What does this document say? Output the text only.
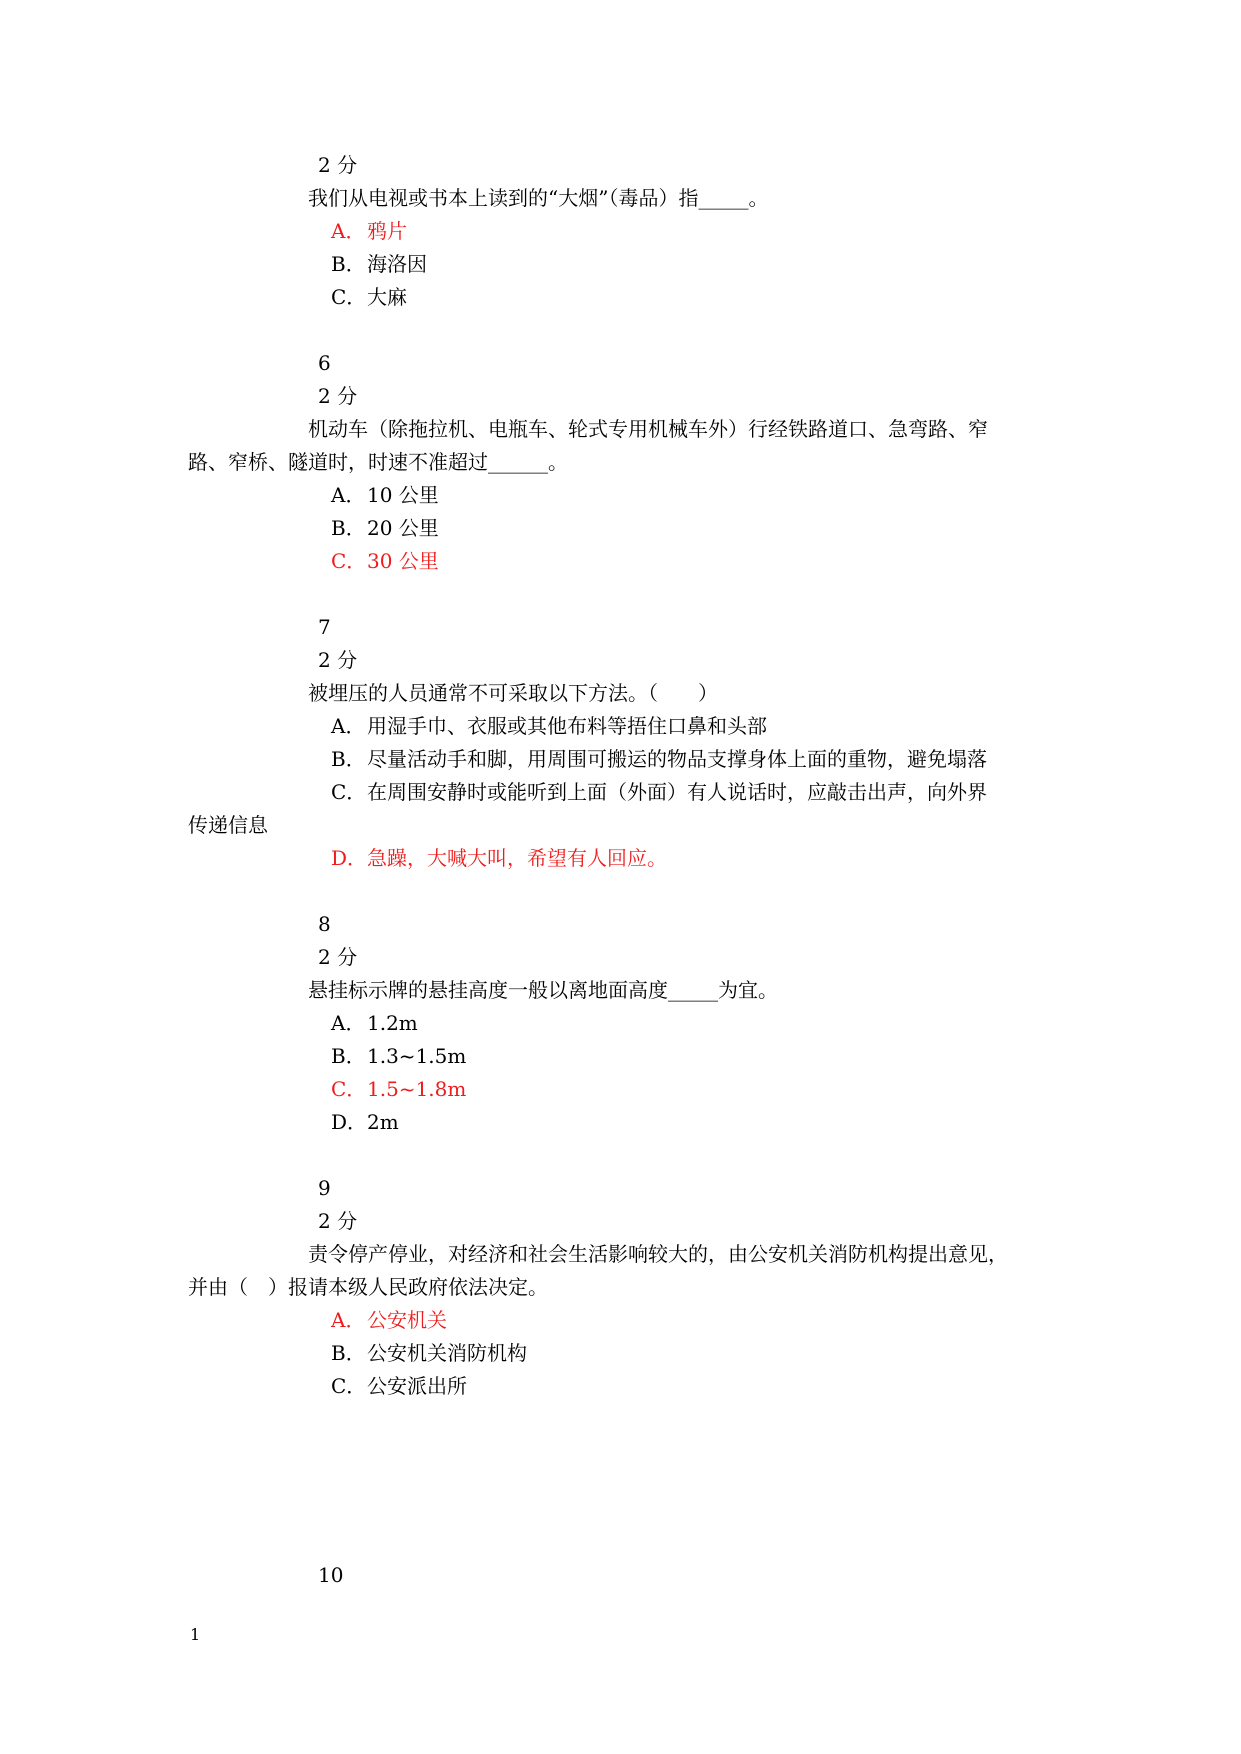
2 分
我们从电视或书本上读到的“大烟”（毒品）指_____。
A．鸦片
B．海洛因
C．大麻
6
2 分
机动车（除拖拉机、电瓶车、轮式专用机械车外）行经铁路道口、急弯路、窄
路、窄桥、隧道时，时速不准超过______。
A．10 公里
B．20 公里
C．30 公里
7
2 分
被埋压的人员通常不可采取以下方法。（　　）
A．用湿手巾、衣服或其他布料等捂住口鼻和头部
B．尽量活动手和脚，用周围可搬运的物品支撑身体上面的重物，避免塌落
C．在周围安静时或能听到上面（外面）有人说话时，应敲击出声，向外界
传递信息
D．急躁，大喊大叫，希望有人回应。
8
2 分
悬挂标示牌的悬挂高度一般以离地面高度_____为宜。
A．1.2m
B．1.3~1.5m
C．1.5~1.8m
D．2m
9
2 分
责令停产停业，对经济和社会生活影响较大的，由公安机关消防机构提出意见，
并由（　）报请本级人民政府依法决定。
A．公安机关
B．公安机关消防机构
C．公安派出所
10
1
